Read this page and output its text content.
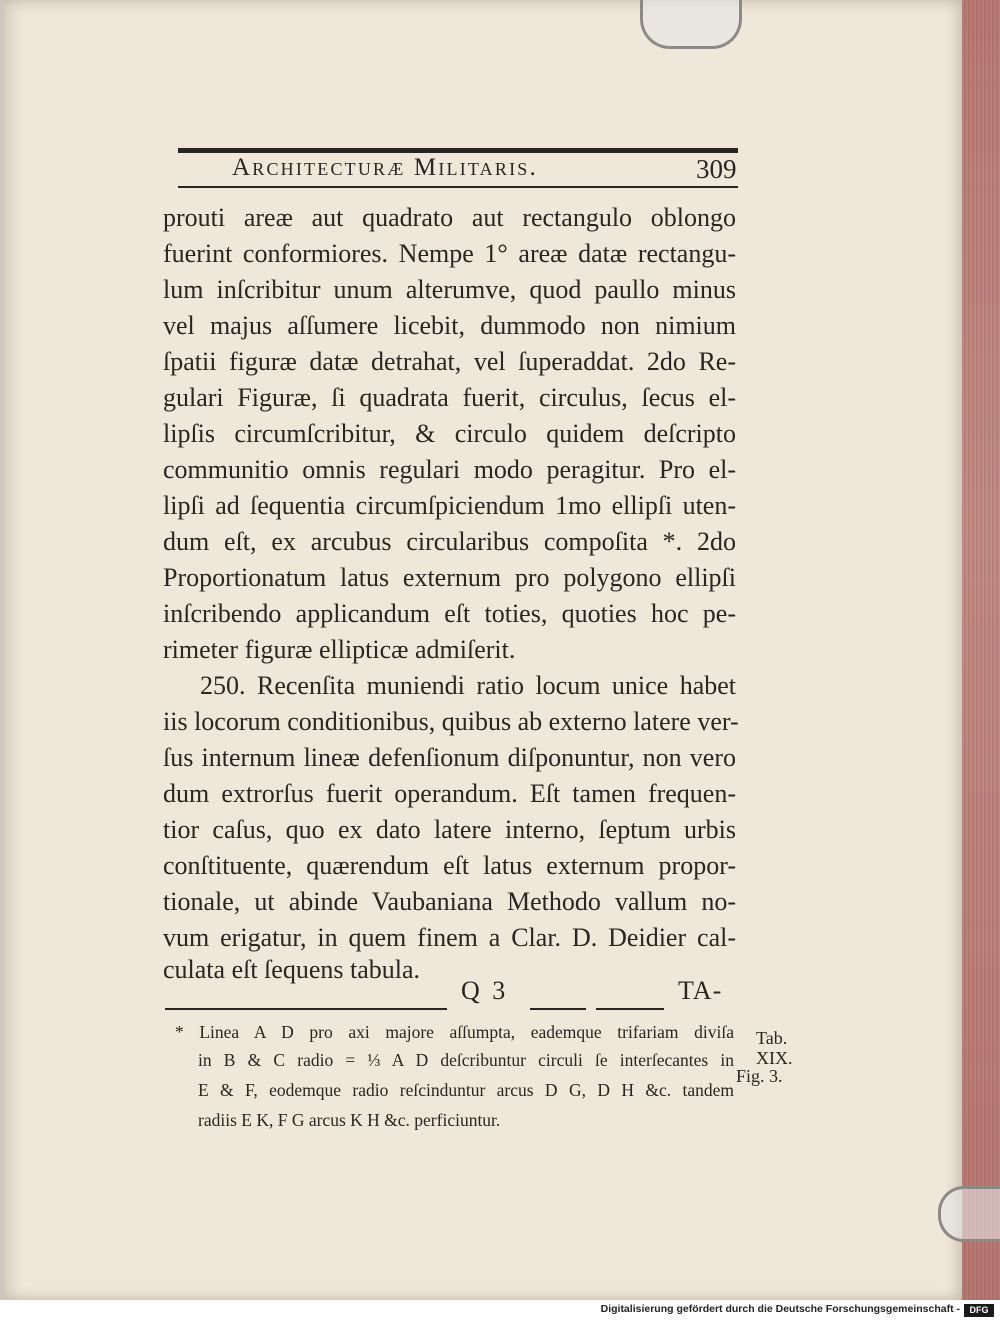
Architecturæ Militaris.	309
prouti areæ aut quadrato aut rectangulo oblongo
fuerint conformiores. Nempe 1° areæ datæ rectangu-
lum inſcribitur unum alterumve, quod paullo minus
vel majus aſſumere licebit, dummodo non nimium
ſpatii figuræ datæ detrahat, vel ſuperaddat. 2do Re-
gulari Figuræ, ſi quadrata fuerit, circulus, ſecus el-
lipſis circumſcribitur, & circulo quidem deſcripto
communitio omnis regulari modo peragitur. Pro el-
lipſi ad ſequentia circumſpiciendum 1mo ellipſi uten-
dum eſt, ex arcubus circularibus compoſita *. 2do
Proportionatum latus externum pro polygono ellipſi
inſcribendo applicandum eſt toties, quoties hoc pe-
rimeter figuræ ellipticæ admiſerit.
250. Recenſita muniendi ratio locum unice habet
iis locorum conditionibus, quibus ab externo latere ver-
ſus internum lineæ defenſionum diſponuntur, non vero
dum extrorſus fuerit operandum. Eſt tamen frequen-
tior caſus, quo ex dato latere interno, ſeptum urbis
conſtituente, quærendum eſt latus externum propor-
tionale, ut abinde Vaubaniana Methodo vallum no-
vum erigatur, in quem finem a Clar. D. Deidier cal-
culata eſt ſequens tabula.
Q 3	TA-
* Linea A D pro axi majore aſſumpta, eademque trifariam diviſa
in B & C radio = ⅓ A D deſcribuntur circuli ſe interſecantes in
E & F, eodemque radio reſcinduntur arcus D G, D H &c. tandem
radiis E K, F G arcus K H &c. perficiuntur.
Tab.
XIX.
Fig. 3.
Digitalisierung gefördert durch die Deutsche Forschungsgemeinschaft -	DFG
